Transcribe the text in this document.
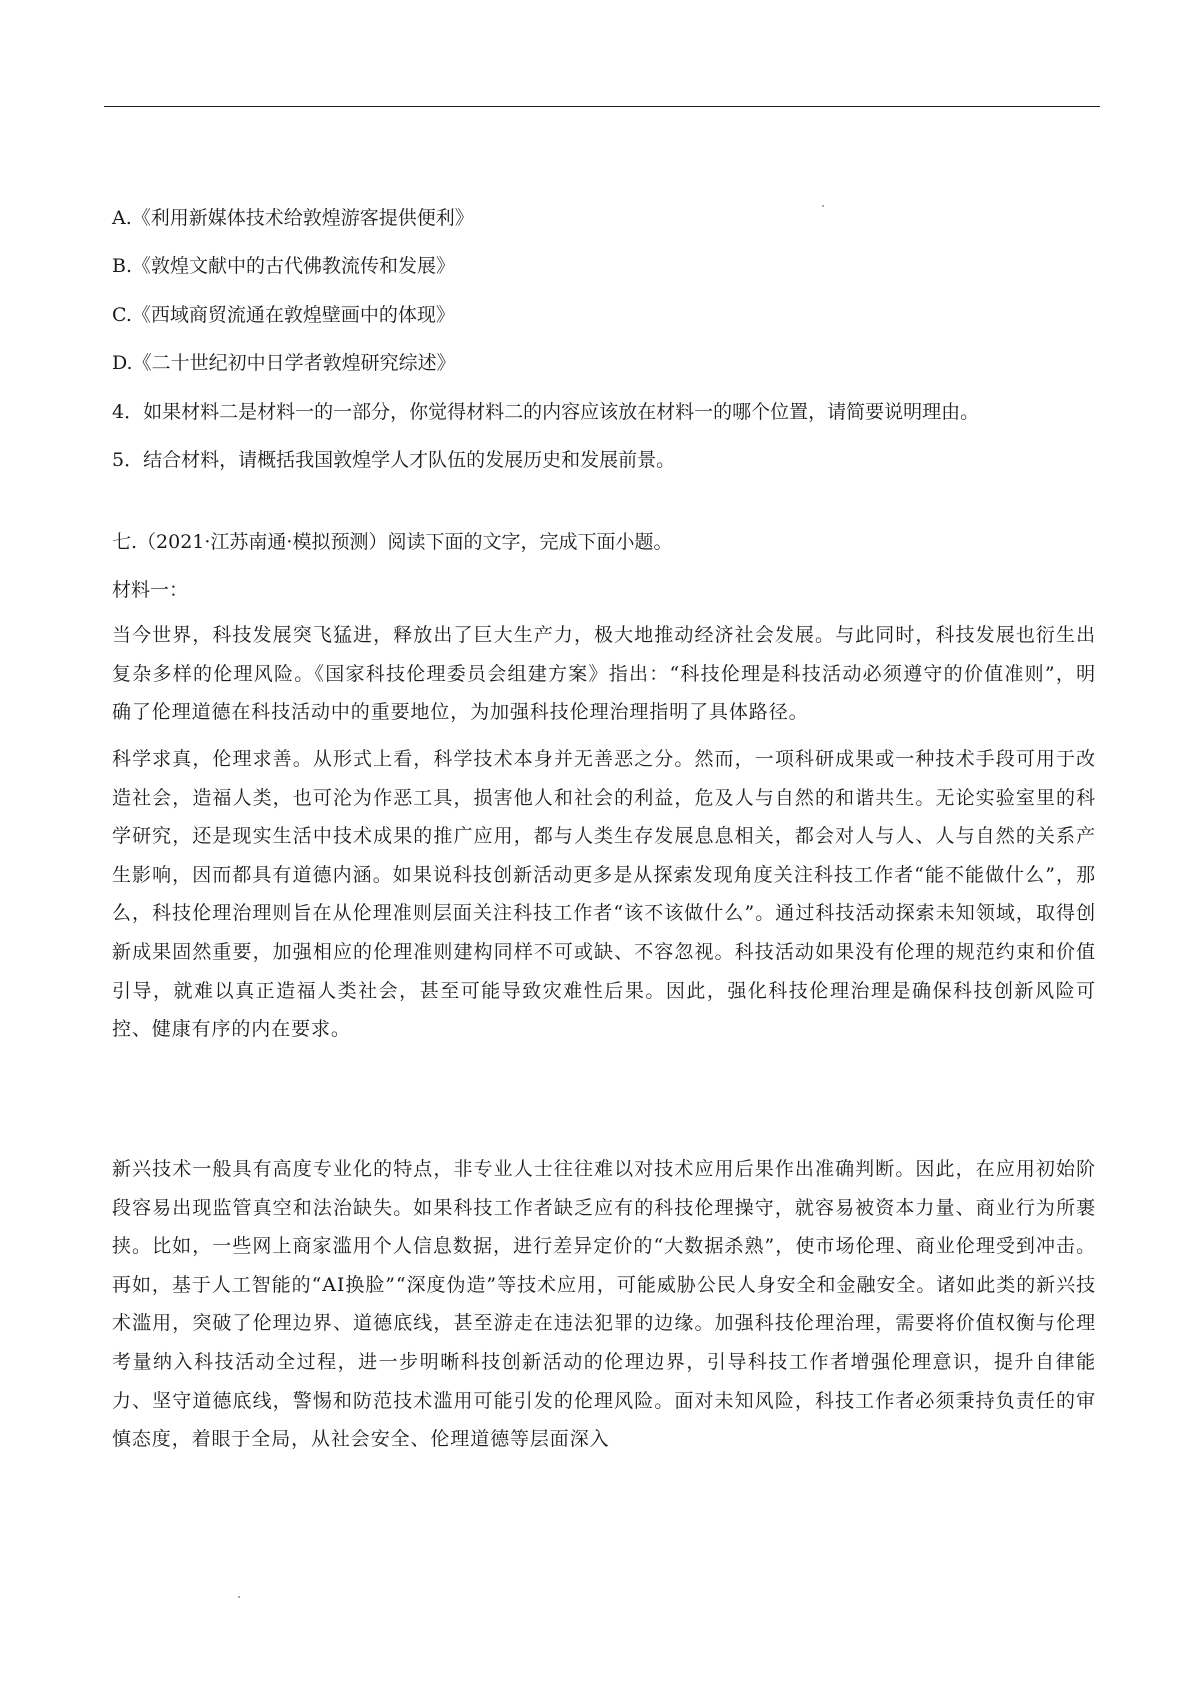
A.《利用新媒体技术给敦煌游客提供便利》

B.《敦煌文献中的古代佛教流传和发展》

C.《西域商贸流通在敦煌壁画中的体现》

D.《二十世纪初中日学者敦煌研究综述》

4．如果材料二是材料一的一部分，你觉得材料二的内容应该放在材料一的哪个位置，请简要说明理由。

5．结合材料，请概括我国敦煌学人才队伍的发展历史和发展前景。

七.（2021·江苏南通·模拟预测）阅读下面的文字，完成下面小题。

材料一：

当今世界，科技发展突飞猛进，释放出了巨大生产力，极大地推动经济社会发展。与此同时，科技发展也衍生出复杂多样的伦理风险。《国家科技伦理委员会组建方案》指出：“科技伦理是科技活动必须遵守的价值准则”，明确了伦理道德在科技活动中的重要地位，为加强科技伦理治理指明了具体路径。

科学求真，伦理求善。从形式上看，科学技术本身并无善恶之分。然而，一项科研成果或一种技术手段可用于改造社会，造福人类，也可沦为作恶工具，损害他人和社会的利益，危及人与自然的和谐共生。无论实验室里的科学研究，还是现实生活中技术成果的推广应用，都与人类生存发展息息相关，都会对人与人、人与自然的关系产生影响，因而都具有道德内涵。如果说科技创新活动更多是从探索发现角度关注科技工作者“能不能做什么”，那么，科技伦理治理则旨在从伦理准则层面关注科技工作者“该不该做什么”。通过科技活动探索未知领域，取得创新成果固然重要，加强相应的伦理准则建构同样不可或缺、不容忽视。科技活动如果没有伦理的规范约束和价值引导，就难以真正造福人类社会，甚至可能导致灾难性后果。因此，强化科技伦理治理是确保科技创新风险可控、健康有序的内在要求。

新兴技术一般具有高度专业化的特点，非专业人士往往难以对技术应用后果作出准确判断。因此，在应用初始阶段容易出现监管真空和法治缺失。如果科技工作者缺乏应有的科技伦理操守，就容易被资本力量、商业行为所裹挟。比如，一些网上商家滥用个人信息数据，进行差异定价的“大数据杀熟”，使市场伦理、商业伦理受到冲击。再如，基于人工智能的“AI换脸”“深度伪造”等技术应用，可能威胁公民人身安全和金融安全。诸如此类的新兴技术滥用，突破了伦理边界、道德底线，甚至游走在违法犯罪的边缘。加强科技伦理治理，需要将价值权衡与伦理考量纳入科技活动全过程，进一步明晰科技创新活动的伦理边界，引导科技工作者增强伦理意识，提升自律能力、坚守道德底线，警惕和防范技术滥用可能引发的伦理风险。面对未知风险，科技工作者必须秉持负责任的审慎态度，着眼于全局，从社会安全、伦理道德等层面深入
